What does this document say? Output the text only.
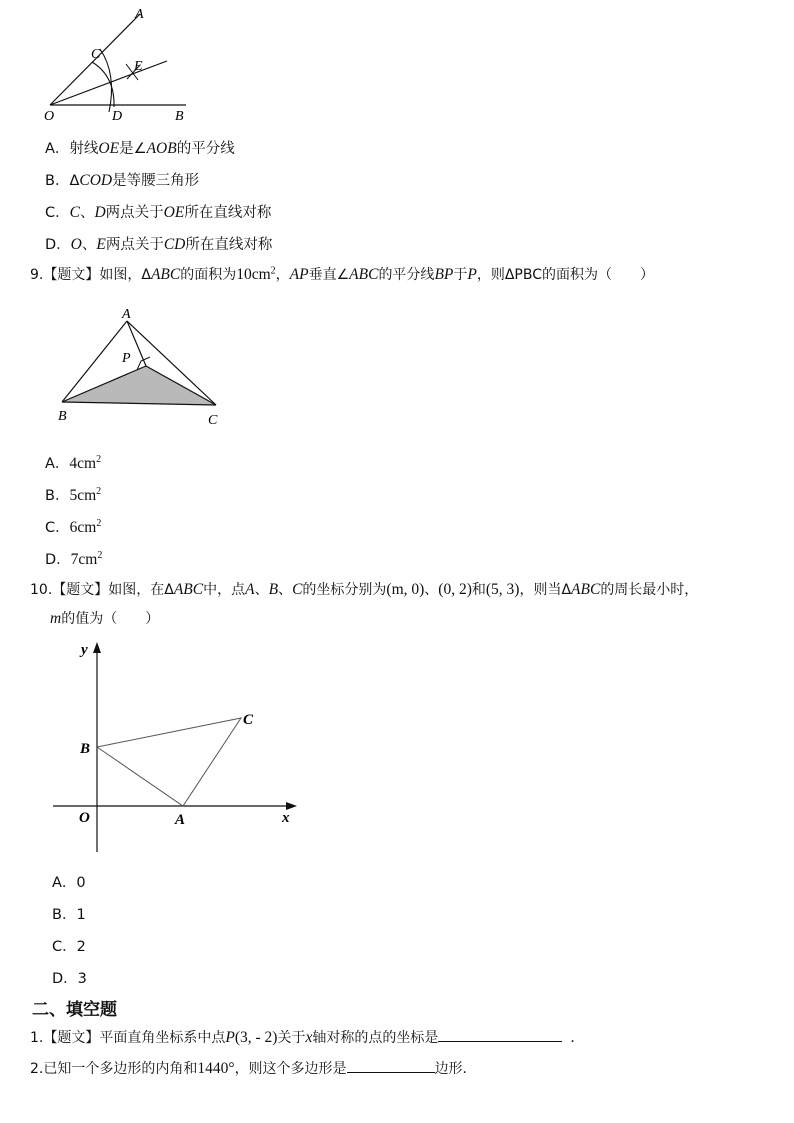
A
C
E
O	D	B
A．射线OE是∠AOB的平分线
B．ΔCOD是等腰三角形
C．C、D两点关于OE所在直线对称
D．O、E两点关于CD所在直线对称
9.【题文】如图，ΔABC的面积为$10cm^2$，AP垂直∠ABC的平分线BP于P，则ΔPBC的面积为（　　）
A
P
B	C
A．$4cm^2$
B．$5cm^2$
C．$6cm^2$
D．$7cm^2$
10.【题文】如图，在ΔABC中，点A、B、C的坐标分别为(m, 0)、(0, 2)和(5, 3)，则当ΔABC的周长最小时，
m的值为（　　）
y
x
O	A
B
C
A．0
B．1
C．2
D．3
二、填空题
1.【题文】平面直角坐标系中点P(3, - 2)关于x轴对称的点的坐标是	．
2.已知一个多边形的内角和1440°，则这个多边形是	边形．
